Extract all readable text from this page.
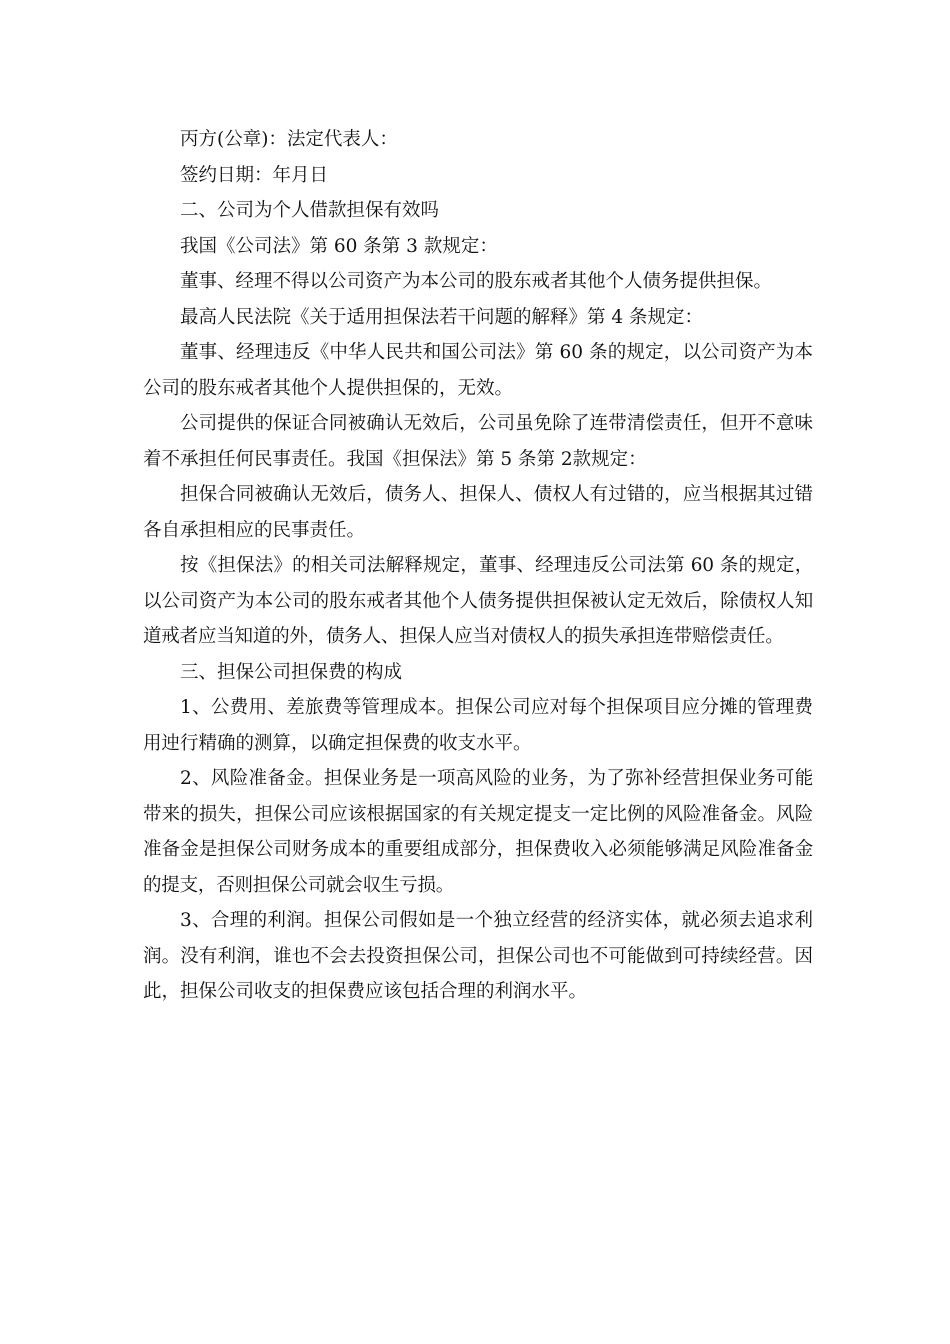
丙方(公章)：法定代表人：

签约日期：年月日

二、公司为个人借款担保有效吗

我国《公司法》第 60 条第 3 款规定：

董事、经理不得以公司资产为本公司的股东戒者其他个人债务提供担保。

最高人民法院《关于适用担保法若干问题的解释》第 4 条规定：

董事、经理违反《中华人民共和国公司法》第 60 条的规定，以公司资产为本公司的股东戒者其他个人提供担保的，无效。

公司提供的保证合同被确认无效后，公司虽免除了连带清偿责任，但开不意味着不承担任何民事责任。我国《担保法》第 5 条第 2款规定：

担保合同被确认无效后，债务人、担保人、债权人有过错的，应当根据其过错各自承担相应的民事责任。

按《担保法》的相关司法解释规定，董事、经理违反公司法第 60 条的规定，以公司资产为本公司的股东戒者其他个人债务提供担保被认定无效后，除债权人知道戒者应当知道的外，债务人、担保人应当对债权人的损失承担连带赔偿责任。

三、担保公司担保费的构成

1、公费用、差旅费等管理成本。担保公司应对每个担保项目应分摊的管理费用迚行精确的测算，以确定担保费的收支水平。

2、风险准备金。担保业务是一项高风险的业务，为了弥补经营担保业务可能带来的损失，担保公司应该根据国家的有关规定提支一定比例的风险准备金。风险准备金是担保公司财务成本的重要组成部分，担保费收入必须能够满足风险准备金的提支，否则担保公司就会収生亏损。

3、合理的利润。担保公司假如是一个独立经营的经济实体，就必须去追求利润。没有利润，谁也不会去投资担保公司，担保公司也不可能做到可持续经营。因此，担保公司收支的担保费应该包括合理的利润水平。
